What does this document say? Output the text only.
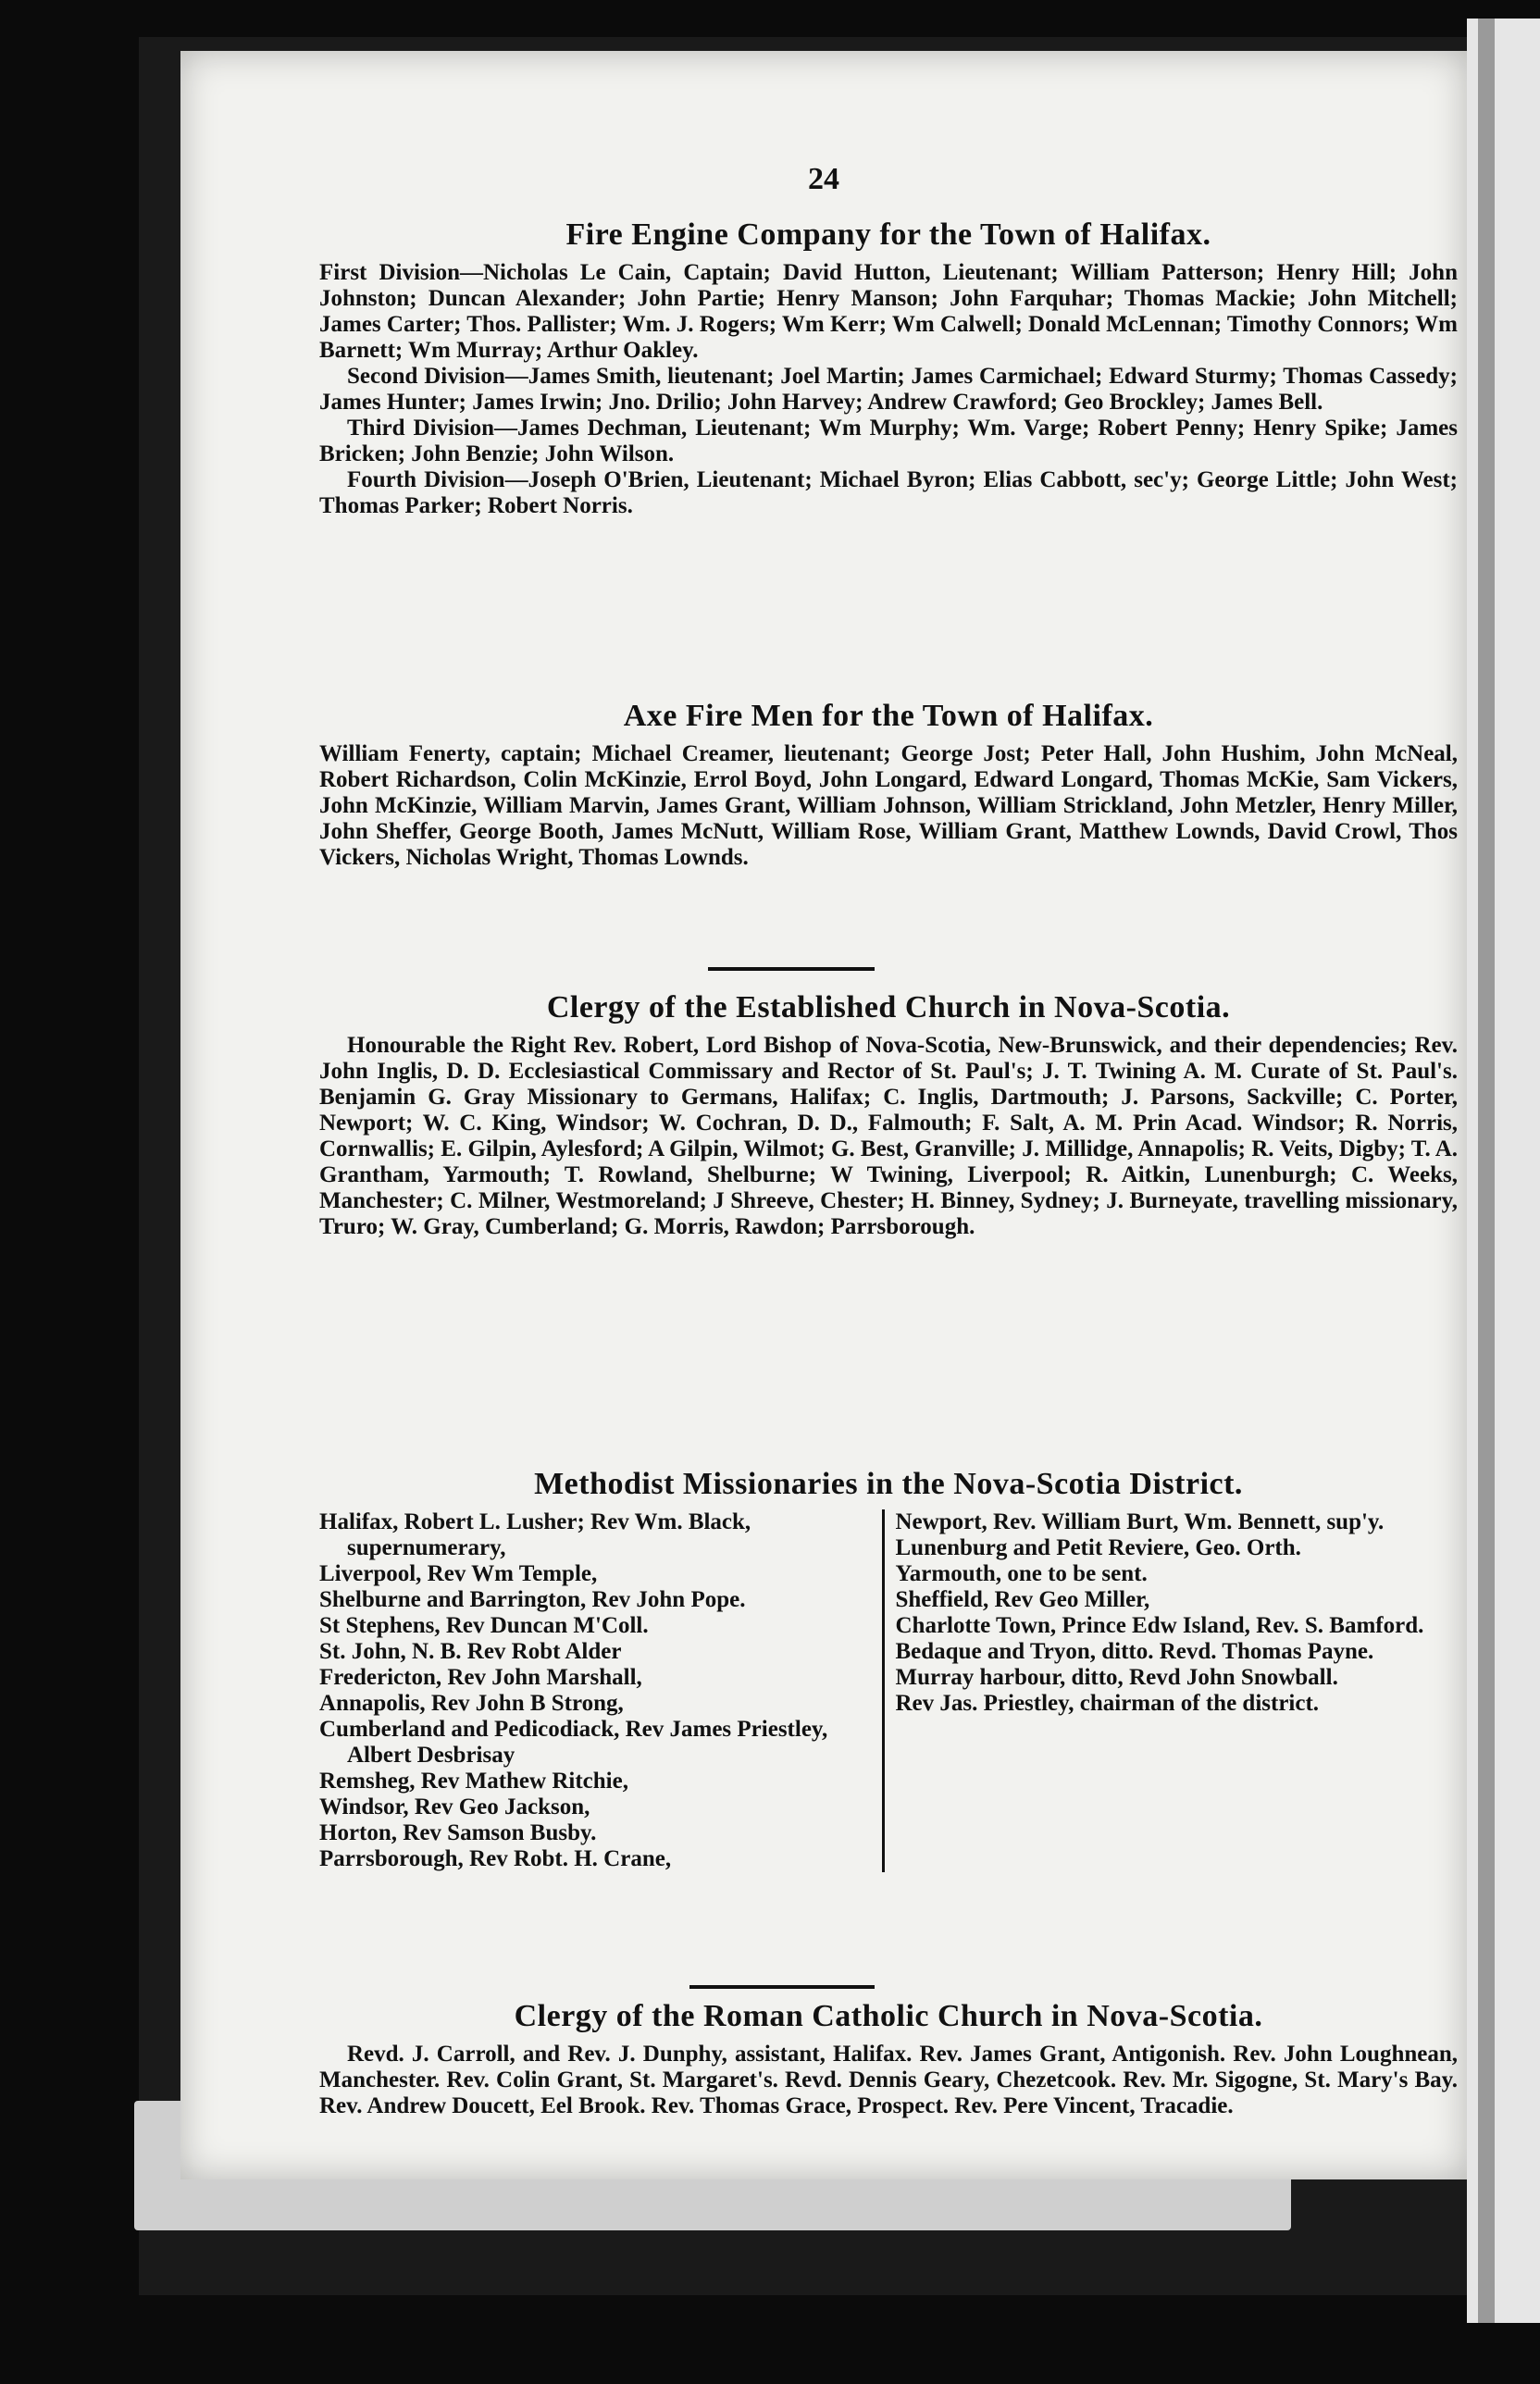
24
Fire Engine Company for the Town of Halifax.

First Division—Nicholas Le Cain, Captain; David Hutton, Lieutenant; William Patterson; Henry Hill; John Johnston; Duncan Alexander; John Partie; Henry Manson; John Farquhar; Thomas Mackie; John Mitchell; James Carter; Thos. Pallister; Wm. J. Rogers; Wm Kerr; Wm Calwell; Donald McLennan; Timothy Connors; Wm Barnett; Wm Murray; Arthur Oakley.

Second Division—James Smith, lieutenant; Joel Martin; James Carmichael; Edward Sturmy; Thomas Cassedy; James Hunter; James Irwin; Jno. Drilio; John Harvey; Andrew Crawford; Geo Brockley; James Bell.

Third Division—James Dechman, Lieutenant; Wm Murphy; Wm. Varge; Robert Penny; Henry Spike; James Bricken; John Benzie; John Wilson.

Fourth Division—Joseph O'Brien, Lieutenant; Michael Byron; Elias Cabbott, sec'y; George Little; John West; Thomas Parker; Robert Norris.

Axe Fire Men for the Town of Halifax.

William Fenerty, captain; Michael Creamer, lieutenant; George Jost; Peter Hall, John Hushim, John McNeal, Robert Richardson, Colin McKinzie, Errol Boyd, John Longard, Edward Longard, Thomas McKie, Sam Vickers, John McKinzie, William Marvin, James Grant, William Johnson, William Strickland, John Metzler, Henry Miller, John Sheffer, George Booth, James McNutt, William Rose, William Grant, Matthew Lownds, David Crowl, Thos Vickers, Nicholas Wright, Thomas Lownds.

Clergy of the Established Church in Nova-Scotia.

Honourable the Right Rev. Robert, Lord Bishop of Nova-Scotia, New-Brunswick, and their dependencies; Rev. John Inglis, D. D. Ecclesiastical Commissary and Rector of St. Paul's; J. T. Twining A. M. Curate of St. Paul's. Benjamin G. Gray Missionary to Germans, Halifax; C. Inglis, Dartmouth; J. Parsons, Sackville; C. Porter, Newport; W. C. King, Windsor; W. Cochran, D. D., Falmouth; F. Salt, A. M. Prin Acad. Windsor; R. Norris, Cornwallis; E. Gilpin, Aylesford; A Gilpin, Wilmot; G. Best, Granville; J. Millidge, Annapolis; R. Veits, Digby; T. A. Grantham, Yarmouth; T. Rowland, Shelburne; W Twining, Liverpool; R. Aitkin, Lunenburgh; C. Weeks, Manchester; C. Milner, Westmoreland; J Shreeve, Chester; H. Binney, Sydney; J. Burneyate, travelling missionary, Truro; W. Gray, Cumberland; G. Morris, Rawdon; Parrsborough.

Methodist Missionaries in the Nova-Scotia District.
Halifax, Robert L. Lusher; Rev Wm. Black, supernumerary,
Liverpool, Rev Wm Temple,
Shelburne and Barrington, Rev John Pope.
St Stephens, Rev Duncan M'Coll.
St. John, N. B. Rev Robt Alder
Fredericton, Rev John Marshall,
Annapolis, Rev John B Strong,
Cumberland and Pedicodiack, Rev James Priestley, Albert Desbrisay
Remsheg, Rev Mathew Ritchie,
Windsor, Rev Geo Jackson,
Horton, Rev Samson Busby.
Parrsborough, Rev Robt. H. Crane,
Newport, Rev. William Burt, Wm. Bennett, sup'y.
Lunenburg and Petit Reviere, Geo. Orth.
Yarmouth, one to be sent.
Sheffield, Rev Geo Miller,
Charlotte Town, Prince Edw Island, Rev. S. Bamford.
Bedaque and Tryon, ditto. Revd. Thomas Payne.
Murray harbour, ditto, Revd John Snowball.
Rev Jas. Priestley, chairman of the district.
Clergy of the Roman Catholic Church in Nova-Scotia.

Revd. J. Carroll, and Rev. J. Dunphy, assistant, Halifax. Rev. James Grant, Antigonish. Rev. John Loughnean, Manchester. Rev. Colin Grant, St. Margaret's. Revd. Dennis Geary, Chezetcook. Rev. Mr. Sigogne, St. Mary's Bay. Rev. Andrew Doucett, Eel Brook. Rev. Thomas Grace, Prospect. Rev. Pere Vincent, Tracadie.
